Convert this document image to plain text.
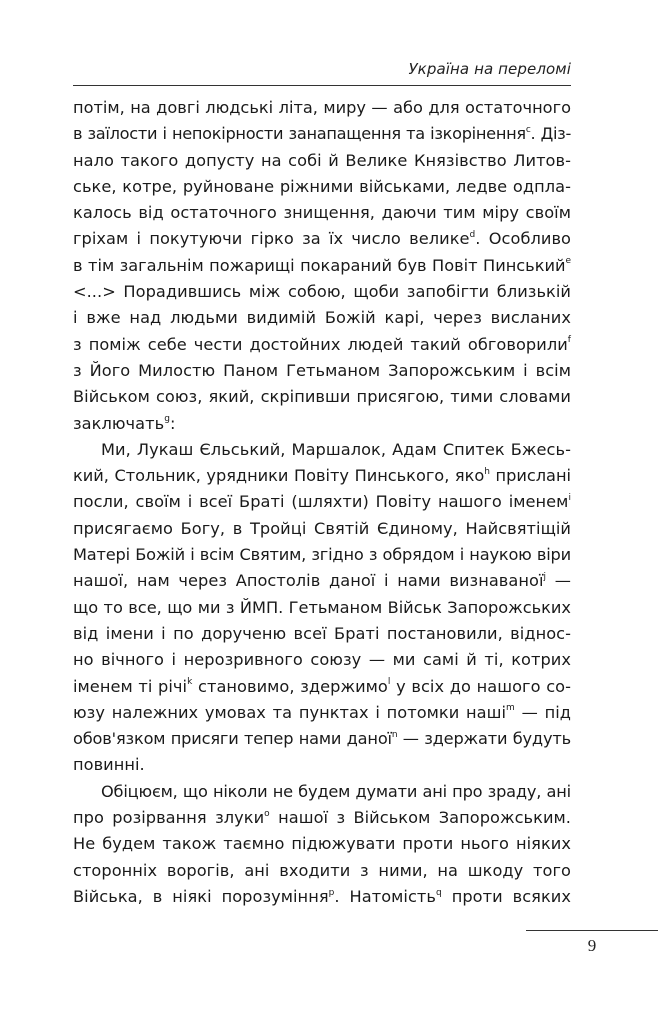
Україна на переломі
потім, на довгі людські літа, миру — або для остаточного
в заїлости і непокірности занапащення та ізкорінення$^c$. Діз-
нало такого допусту на собі й Велике Князівство Литов-
ське, котре, руйноване ріжними військами, ледве одпла-
калось від остаточного знищення, даючи тим міру своїм
гріхам і покутуючи гірко за їх число велике$^d$. Особливо
в тім загальнім пожарищі покараний був Повіт Пинський$^e$
<...> Порадившись між собою, щоби запобігти близькій
і вже над людьми видимій Божій карі, через висланих
з поміж себе чести достойних людей такий обговорили$^f$
з Його Милостю Паном Гетьманом Запорожським і всім
Військом союз, який, скріпивши присягою, тими словами
заключать$^g$:
Ми, Лукаш Єльський, Маршалок, Адам Спитек Бжесь-
кий, Стольник, урядники Повіту Пинського, яко$^h$ прислані
посли, своїм і всеї Браті (шляхти) Повіту нашого іменем$^i$
присягаємо Богу, в Тройці Святій Єдиному, Найсвятіщій
Матері Божій і всім Святим, згідно з обрядом і наукою віри
нашої, нам через Апостолів даної і нами визнаваної$^j$ —
що то все, що ми з ЙМП. Гетьманом Військ Запорожських
від імени і по дорученю всеї Браті постановили, віднос-
но вічного і нерозривного союзу — ми самі й ті, котрих
іменем ті річі$^k$ становимо, здержимо$^l$ у всіх до нашого со-
юзу належних умовах та пунктах і потомки наші$^m$ — під
обов'язком присяги тепер нами даної$^n$ — здержати будуть
повинні.
Обіцюєм, що ніколи не будем думати ані про зраду, ані
про розірвання злуки$^o$ нашої з Військом Запорожським.
Не будем також таємно підюжувати проти нього ніяких
сторонніх ворогів, ані входити з ними, на шкоду того
Війська, в ніякі порозуміння$^p$. Натомість$^q$ проти всяких
9
